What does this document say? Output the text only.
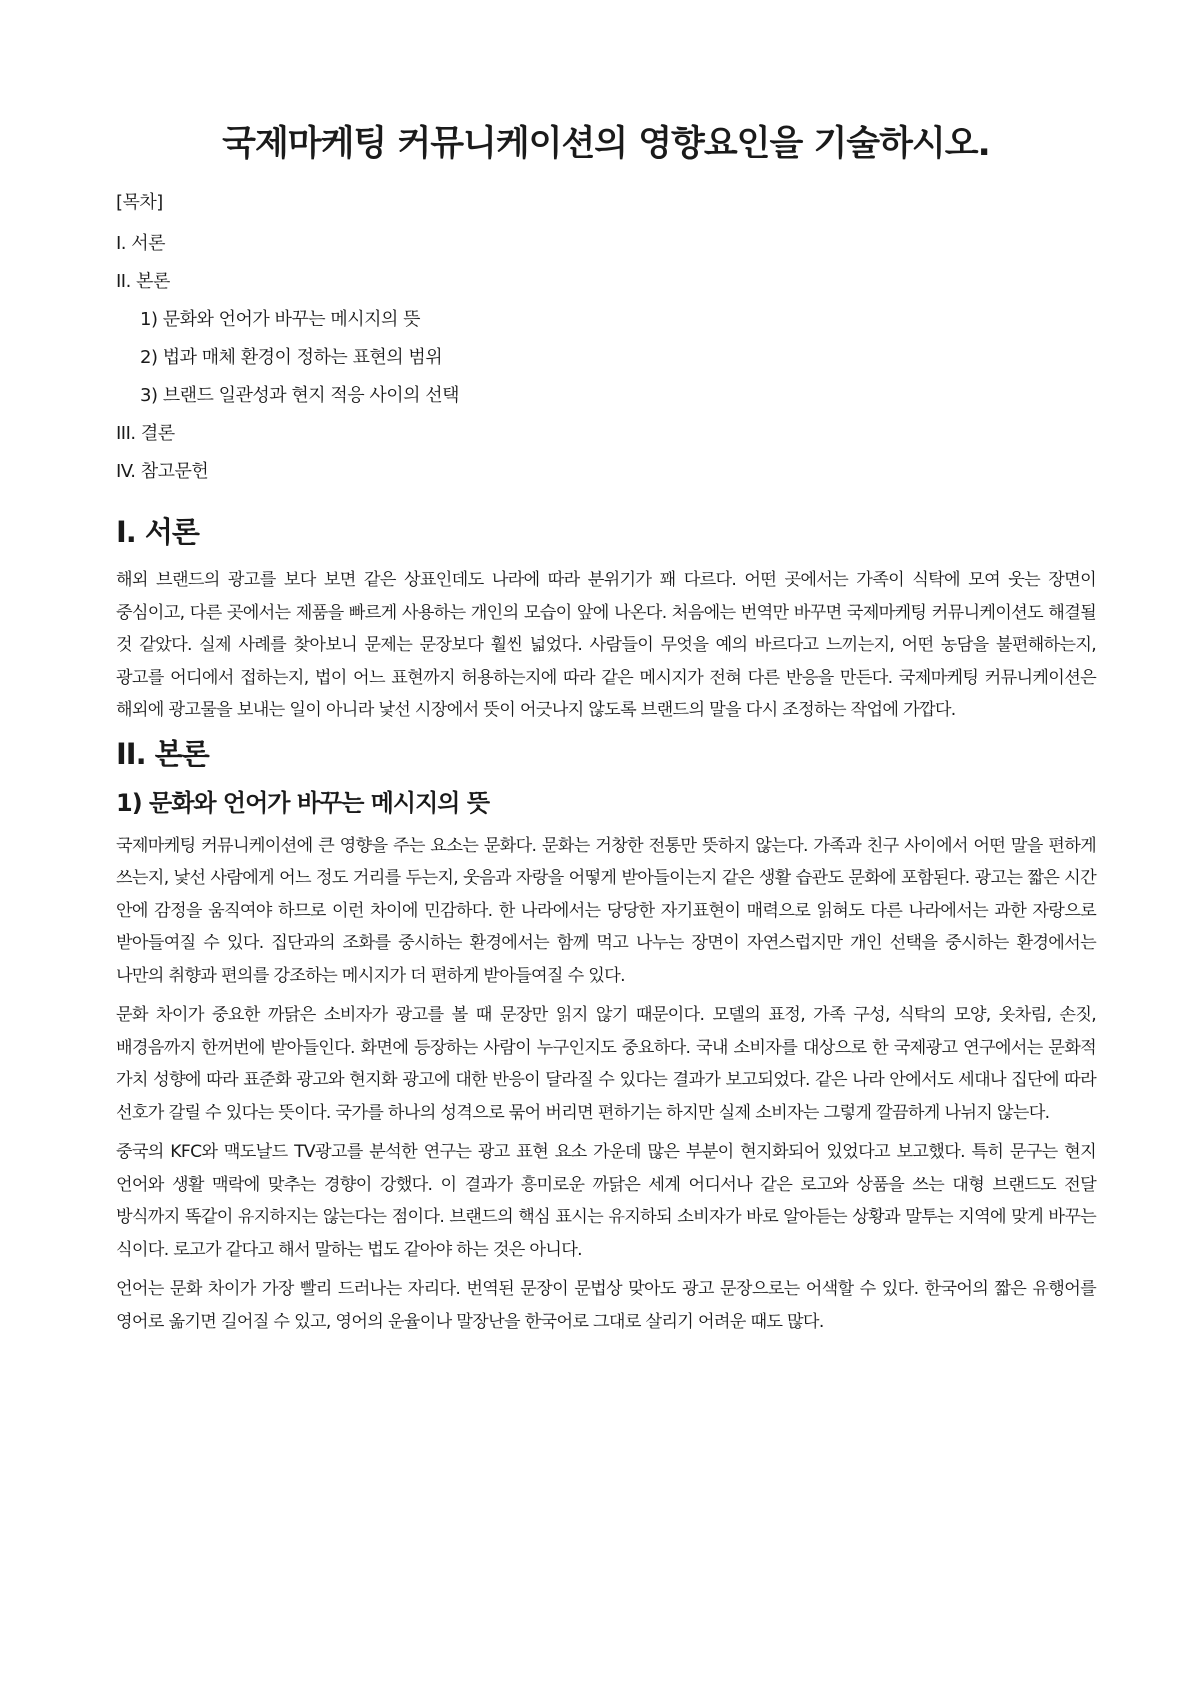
국제마케팅 커뮤니케이션의 영향요인을 기술하시오.
[목차]
I. 서론
II. 본론
1) 문화와 언어가 바꾸는 메시지의 뜻
2) 법과 매체 환경이 정하는 표현의 범위
3) 브랜드 일관성과 현지 적응 사이의 선택
III. 결론
IV. 참고문헌
I. 서론

해외 브랜드의 광고를 보다 보면 같은 상표인데도 나라에 따라 분위기가 꽤 다르다. 어떤 곳에서는 가족이 식탁에 모여 웃는 장면이 중심이고, 다른 곳에서는 제품을 빠르게 사용하는 개인의 모습이 앞에 나온다. 처음에는 번역만 바꾸면 국제마케팅 커뮤니케이션도 해결될 것 같았다. 실제 사례를 찾아보니 문제는 문장보다 훨씬 넓었다. 사람들이 무엇을 예의 바르다고 느끼는지, 어떤 농담을 불편해하는지, 광고를 어디에서 접하는지, 법이 어느 표현까지 허용하는지에 따라 같은 메시지가 전혀 다른 반응을 만든다. 국제마케팅 커뮤니케이션은 해외에 광고물을 보내는 일이 아니라 낯선 시장에서 뜻이 어긋나지 않도록 브랜드의 말을 다시 조정하는 작업에 가깝다.

II. 본론
1) 문화와 언어가 바꾸는 메시지의 뜻

국제마케팅 커뮤니케이션에 큰 영향을 주는 요소는 문화다. 문화는 거창한 전통만 뜻하지 않는다. 가족과 친구 사이에서 어떤 말을 편하게 쓰는지, 낯선 사람에게 어느 정도 거리를 두는지, 웃음과 자랑을 어떻게 받아들이는지 같은 생활 습관도 문화에 포함된다. 광고는 짧은 시간 안에 감정을 움직여야 하므로 이런 차이에 민감하다. 한 나라에서는 당당한 자기표현이 매력으로 읽혀도 다른 나라에서는 과한 자랑으로 받아들여질 수 있다. 집단과의 조화를 중시하는 환경에서는 함께 먹고 나누는 장면이 자연스럽지만 개인 선택을 중시하는 환경에서는 나만의 취향과 편의를 강조하는 메시지가 더 편하게 받아들여질 수 있다.

문화 차이가 중요한 까닭은 소비자가 광고를 볼 때 문장만 읽지 않기 때문이다. 모델의 표정, 가족 구성, 식탁의 모양, 옷차림, 손짓, 배경음까지 한꺼번에 받아들인다. 화면에 등장하는 사람이 누구인지도 중요하다. 국내 소비자를 대상으로 한 국제광고 연구에서는 문화적 가치 성향에 따라 표준화 광고와 현지화 광고에 대한 반응이 달라질 수 있다는 결과가 보고되었다. 같은 나라 안에서도 세대나 집단에 따라 선호가 갈릴 수 있다는 뜻이다. 국가를 하나의 성격으로 묶어 버리면 편하기는 하지만 실제 소비자는 그렇게 깔끔하게 나뉘지 않는다.

중국의 KFC와 맥도날드 TV광고를 분석한 연구는 광고 표현 요소 가운데 많은 부분이 현지화되어 있었다고 보고했다. 특히 문구는 현지 언어와 생활 맥락에 맞추는 경향이 강했다. 이 결과가 흥미로운 까닭은 세계 어디서나 같은 로고와 상품을 쓰는 대형 브랜드도 전달 방식까지 똑같이 유지하지는 않는다는 점이다. 브랜드의 핵심 표시는 유지하되 소비자가 바로 알아듣는 상황과 말투는 지역에 맞게 바꾸는 식이다. 로고가 같다고 해서 말하는 법도 같아야 하는 것은 아니다.

언어는 문화 차이가 가장 빨리 드러나는 자리다. 번역된 문장이 문법상 맞아도 광고 문장으로는 어색할 수 있다. 한국어의 짧은 유행어를 영어로 옮기면 길어질 수 있고, 영어의 운율이나 말장난을 한국어로 그대로 살리기 어려운 때도 많다.
